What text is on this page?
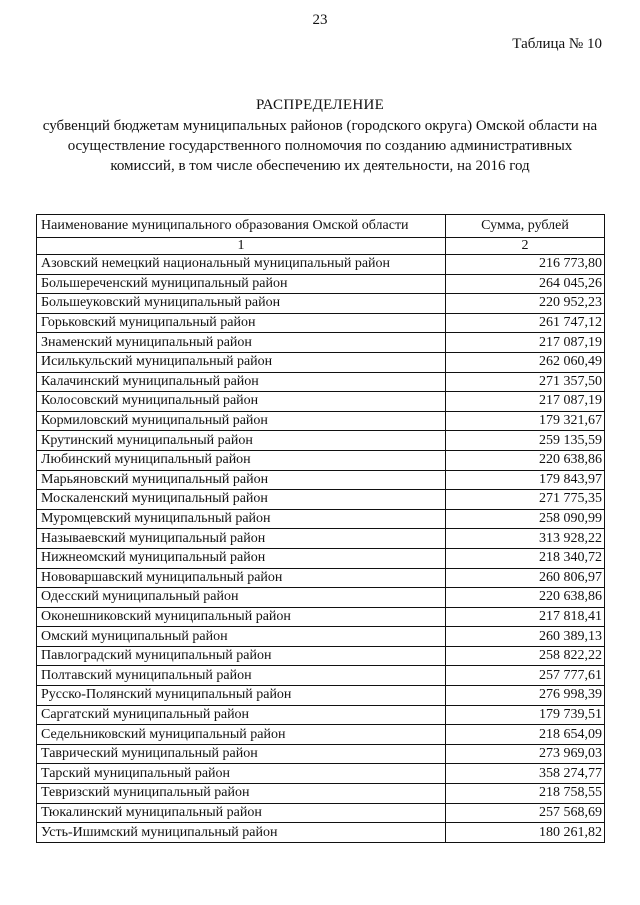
23
Таблица № 10
РАСПРЕДЕЛЕНИЕ
субвенций бюджетам муниципальных районов (городского округа) Омской области на
осуществление государственного полномочия по созданию административных
комиссий, в том числе обеспечению их деятельности, на 2016 год
Наименование муниципального образования Омской области	Сумма, рублей
1	2
Азовский немецкий национальный муниципальный район	216 773,80
Большереченский муниципальный район	264 045,26
Большеуковский муниципальный район	220 952,23
Горьковский муниципальный район	261 747,12
Знаменский муниципальный район	217 087,19
Исилькульский муниципальный район	262 060,49
Калачинский муниципальный район	271 357,50
Колосовский муниципальный район	217 087,19
Кормиловский муниципальный район	179 321,67
Крутинский муниципальный район	259 135,59
Любинский муниципальный район	220 638,86
Марьяновский муниципальный район	179 843,97
Москаленский муниципальный район	271 775,35
Муромцевский муниципальный район	258 090,99
Называевский муниципальный район	313 928,22
Нижнеомский муниципальный район	218 340,72
Нововаршавский муниципальный район	260 806,97
Одесский муниципальный район	220 638,86
Оконешниковский муниципальный район	217 818,41
Омский муниципальный район	260 389,13
Павлоградский муниципальный район	258 822,22
Полтавский муниципальный район	257 777,61
Русско-Полянский муниципальный район	276 998,39
Саргатский муниципальный район	179 739,51
Седельниковский муниципальный район	218 654,09
Таврический муниципальный район	273 969,03
Тарский муниципальный район	358 274,77
Тевризский муниципальный район	218 758,55
Тюкалинский муниципальный район	257 568,69
Усть-Ишимский муниципальный район	180 261,82
